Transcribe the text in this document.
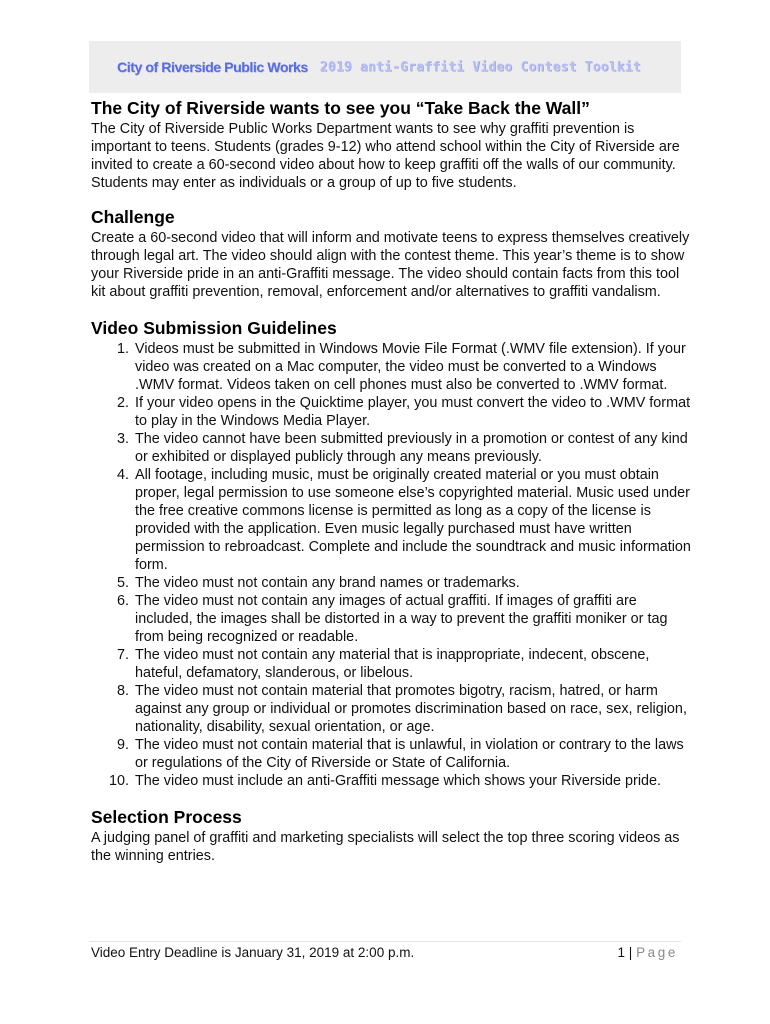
City of Riverside Public Works 2019 anti-Graffiti Video Contest Toolkit
The City of Riverside wants to see you “Take Back the Wall”

The City of Riverside Public Works Department wants to see why graffiti prevention is important to teens. Students (grades 9-12) who attend school within the City of Riverside are invited to create a 60-second video about how to keep graffiti off the walls of our community. Students may enter as individuals or a group of up to five students.

Challenge

Create a 60-second video that will inform and motivate teens to express themselves creatively through legal art. The video should align with the contest theme. This year’s theme is to show your Riverside pride in an anti-Graffiti message. The video should contain facts from this tool kit about graffiti prevention, removal, enforcement and/or alternatives to graffiti vandalism.

Video Submission Guidelines
1. Videos must be submitted in Windows Movie File Format (.WMV file extension). If your video was created on a Mac computer, the video must be converted to a Windows .WMV format. Videos taken on cell phones must also be converted to .WMV format.
2. If your video opens in the Quicktime player, you must convert the video to .WMV format to play in the Windows Media Player.
3. The video cannot have been submitted previously in a promotion or contest of any kind or exhibited or displayed publicly through any means previously.
4. All footage, including music, must be originally created material or you must obtain proper, legal permission to use someone else’s copyrighted material. Music used under the free creative commons license is permitted as long as a copy of the license is provided with the application. Even music legally purchased must have written permission to rebroadcast. Complete and include the soundtrack and music information form.
5. The video must not contain any brand names or trademarks.
6. The video must not contain any images of actual graffiti. If images of graffiti are included, the images shall be distorted in a way to prevent the graffiti moniker or tag from being recognized or readable.
7. The video must not contain any material that is inappropriate, indecent, obscene, hateful, defamatory, slanderous, or libelous.
8. The video must not contain material that promotes bigotry, racism, hatred, or harm against any group or individual or promotes discrimination based on race, sex, religion, nationality, disability, sexual orientation, or age.
9. The video must not contain material that is unlawful, in violation or contrary to the laws or regulations of the City of Riverside or State of California.
10. The video must include an anti-Graffiti message which shows your Riverside pride.
Selection Process

A judging panel of graffiti and marketing specialists will select the top three scoring videos as the winning entries.

Video Entry Deadline is January 31, 2019 at 2:00 p.m.	1 | Page
